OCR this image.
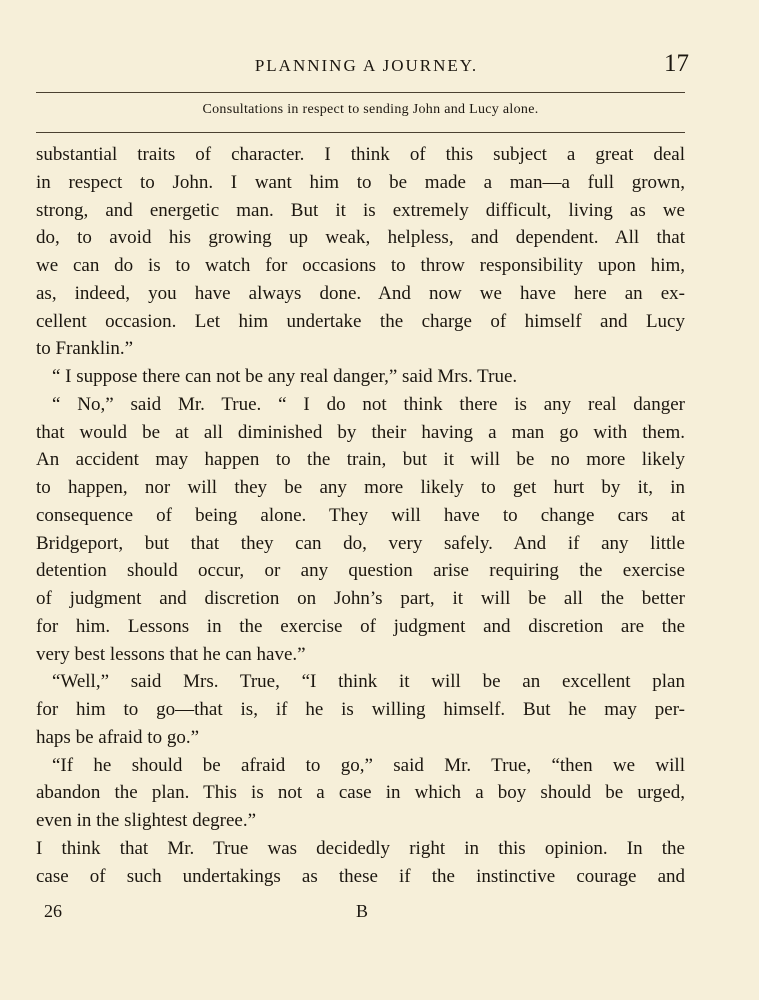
PLANNING A JOURNEY.	17
Consultations in respect to sending John and Lucy alone.
substantial traits of character. I think of this subject a great deal
in respect to John. I want him to be made a man—a full grown,
strong, and energetic man. But it is extremely difficult, living as we
do, to avoid his growing up weak, helpless, and dependent. All that
we can do is to watch for occasions to throw responsibility upon him,
as, indeed, you have always done. And now we have here an ex-
cellent occasion. Let him undertake the charge of himself and Lucy
to Franklin.”
“ I suppose there can not be any real danger,” said Mrs. True.
“ No,” said Mr. True. “ I do not think there is any real danger
that would be at all diminished by their having a man go with them.
An accident may happen to the train, but it will be no more likely
to happen, nor will they be any more likely to get hurt by it, in
consequence of being alone. They will have to change cars at
Bridgeport, but that they can do, very safely. And if any little
detention should occur, or any question arise requiring the exercise
of judgment and discretion on John’s part, it will be all the better
for him. Lessons in the exercise of judgment and discretion are the
very best lessons that he can have.”
“Well,” said Mrs. True, “I think it will be an excellent plan
for him to go—that is, if he is willing himself. But he may per-
haps be afraid to go.”
“If he should be afraid to go,” said Mr. True, “then we will
abandon the plan. This is not a case in which a boy should be urged,
even in the slightest degree.”
I think that Mr. True was decidedly right in this opinion. In the
case of such undertakings as these if the instinctive courage and
26	B
